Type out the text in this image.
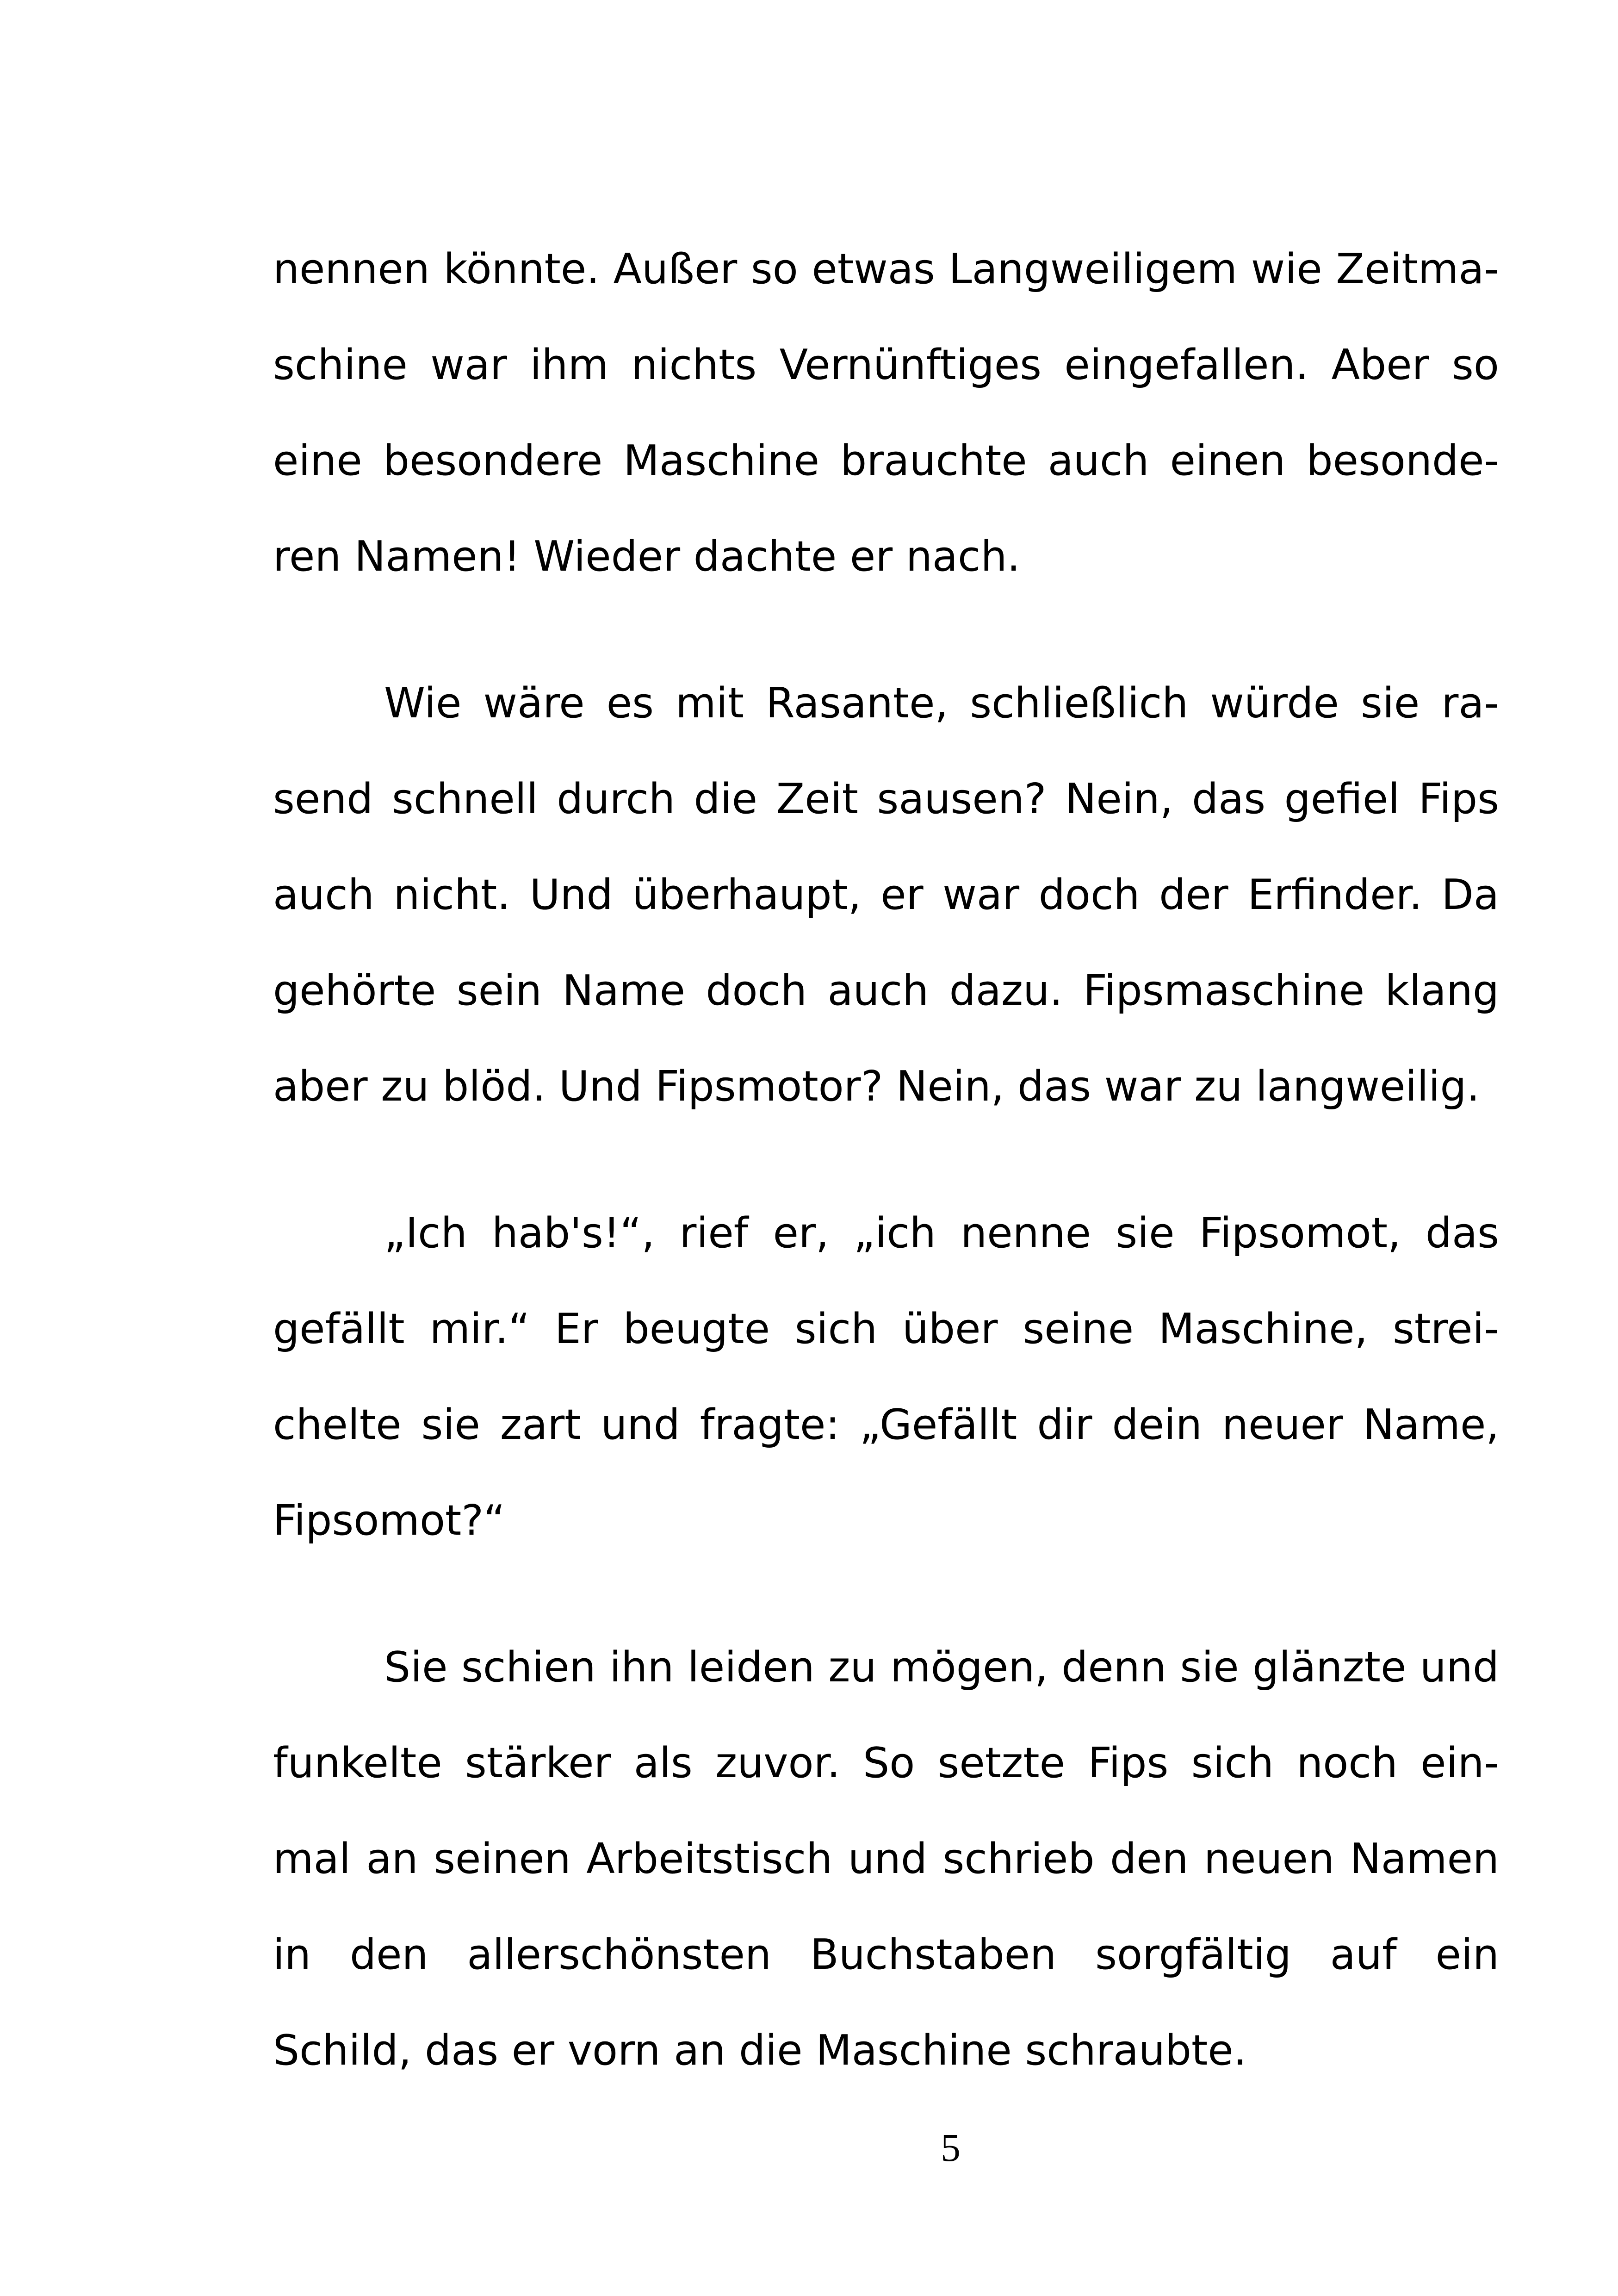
nennen könnte. Außer so etwas Langweiligem wie Zeitma-
schine war ihm nichts Vernünftiges eingefallen. Aber so
eine besondere Maschine brauchte auch einen besonde-
ren Namen! Wieder dachte er nach.

Wie wäre es mit Rasante, schließlich würde sie ra-
send schnell durch die Zeit sausen? Nein, das gefiel Fips
auch nicht. Und überhaupt, er war doch der Erfinder. Da
gehörte sein Name doch auch dazu. Fipsmaschine klang
aber zu blöd. Und Fipsmotor? Nein, das war zu langweilig.

„Ich hab's!“, rief er, „ich nenne sie Fipsomot, das
gefällt mir.“ Er beugte sich über seine Maschine, strei-
chelte sie zart und fragte: „Gefällt dir dein neuer Name,
Fipsomot?“

Sie schien ihn leiden zu mögen, denn sie glänzte und
funkelte stärker als zuvor. So setzte Fips sich noch ein-
mal an seinen Arbeitstisch und schrieb den neuen Namen
in den allerschönsten Buchstaben sorgfältig auf ein
Schild, das er vorn an die Maschine schraubte.

5
